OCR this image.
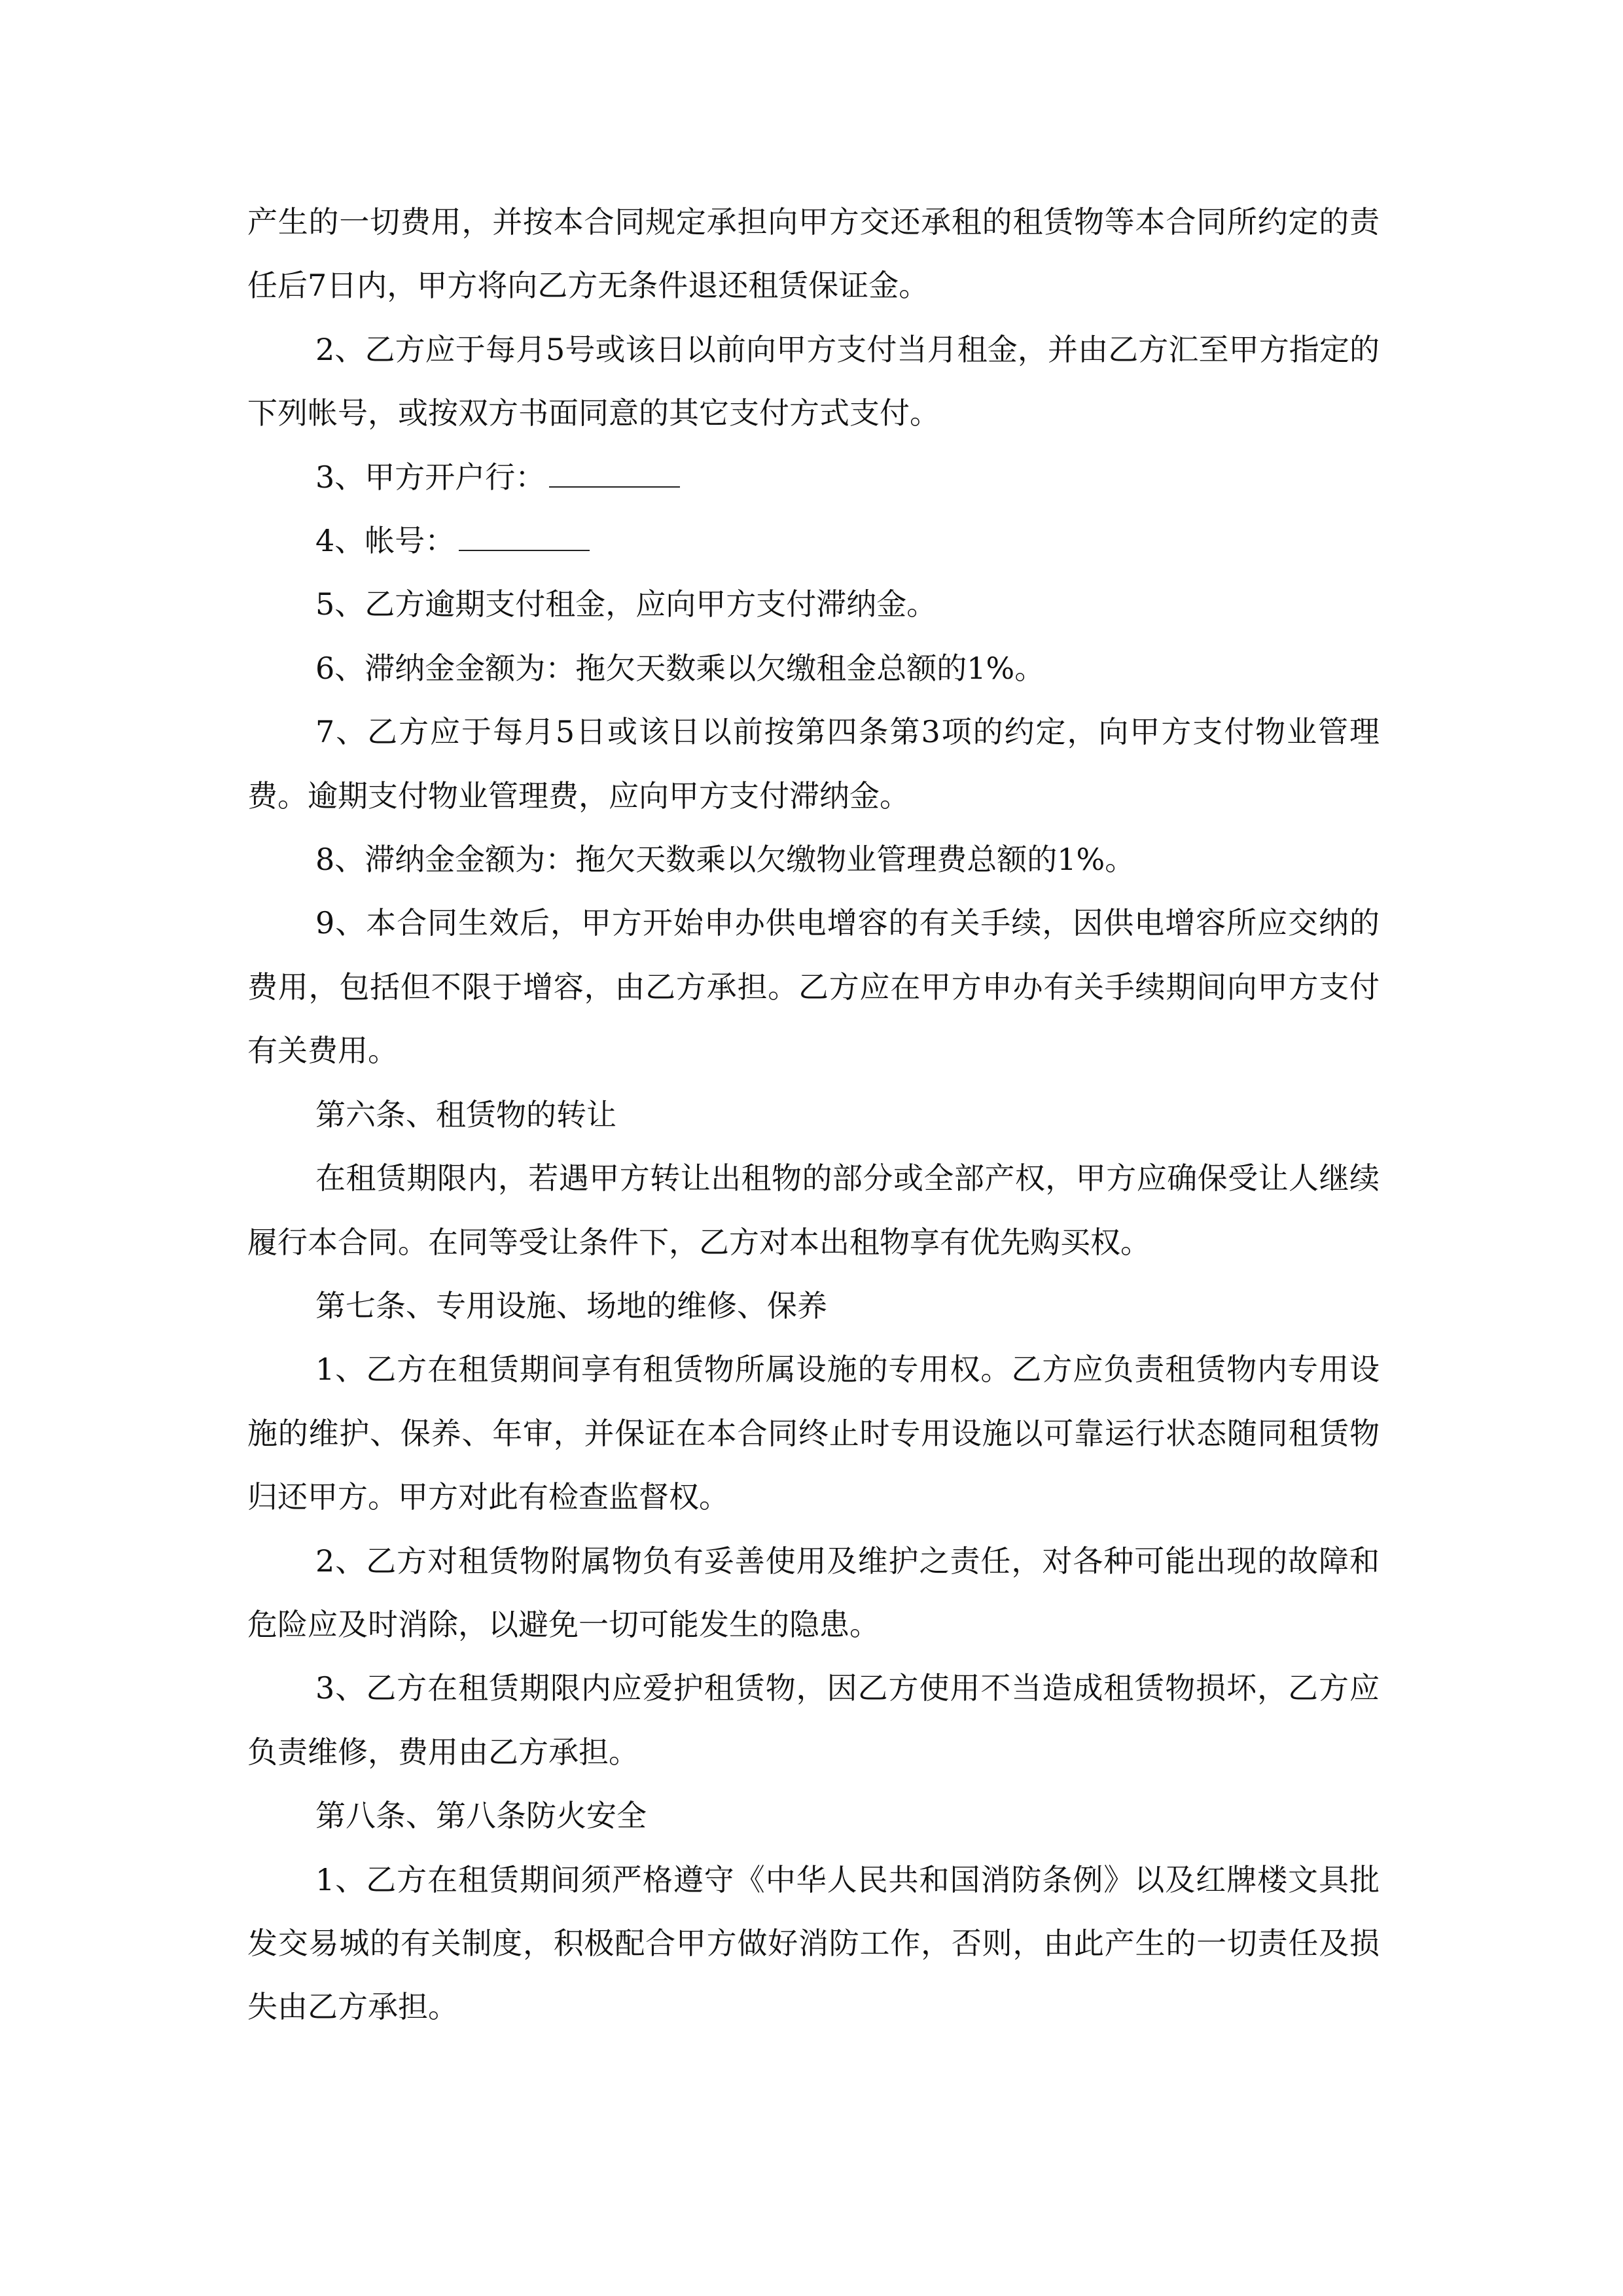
产生的一切费用，并按本合同规定承担向甲方交还承租的租赁物等本合同所约定的责任后7日内，甲方将向乙方无条件退还租赁保证金。

2、乙方应于每月5号或该日以前向甲方支付当月租金，并由乙方汇至甲方指定的下列帐号，或按双方书面同意的其它支付方式支付。

3、甲方开户行：

4、帐号：

5、乙方逾期支付租金，应向甲方支付滞纳金。

6、滞纳金金额为：拖欠天数乘以欠缴租金总额的1%。

7、乙方应于每月5日或该日以前按第四条第3项的约定，向甲方支付物业管理费。逾期支付物业管理费，应向甲方支付滞纳金。

8、滞纳金金额为：拖欠天数乘以欠缴物业管理费总额的1%。

9、本合同生效后，甲方开始申办供电增容的有关手续，因供电增容所应交纳的费用，包括但不限于增容，由乙方承担。乙方应在甲方申办有关手续期间向甲方支付有关费用。

第六条、租赁物的转让

在租赁期限内，若遇甲方转让出租物的部分或全部产权，甲方应确保受让人继续履行本合同。在同等受让条件下，乙方对本出租物享有优先购买权。

第七条、专用设施、场地的维修、保养

1、乙方在租赁期间享有租赁物所属设施的专用权。乙方应负责租赁物内专用设施的维护、保养、年审，并保证在本合同终止时专用设施以可靠运行状态随同租赁物归还甲方。甲方对此有检查监督权。

2、乙方对租赁物附属物负有妥善使用及维护之责任，对各种可能出现的故障和危险应及时消除，以避免一切可能发生的隐患。

3、乙方在租赁期限内应爱护租赁物，因乙方使用不当造成租赁物损坏，乙方应负责维修，费用由乙方承担。

第八条、第八条防火安全

1、乙方在租赁期间须严格遵守《中华人民共和国消防条例》以及红牌楼文具批发交易城的有关制度，积极配合甲方做好消防工作，否则，由此产生的一切责任及损失由乙方承担。
